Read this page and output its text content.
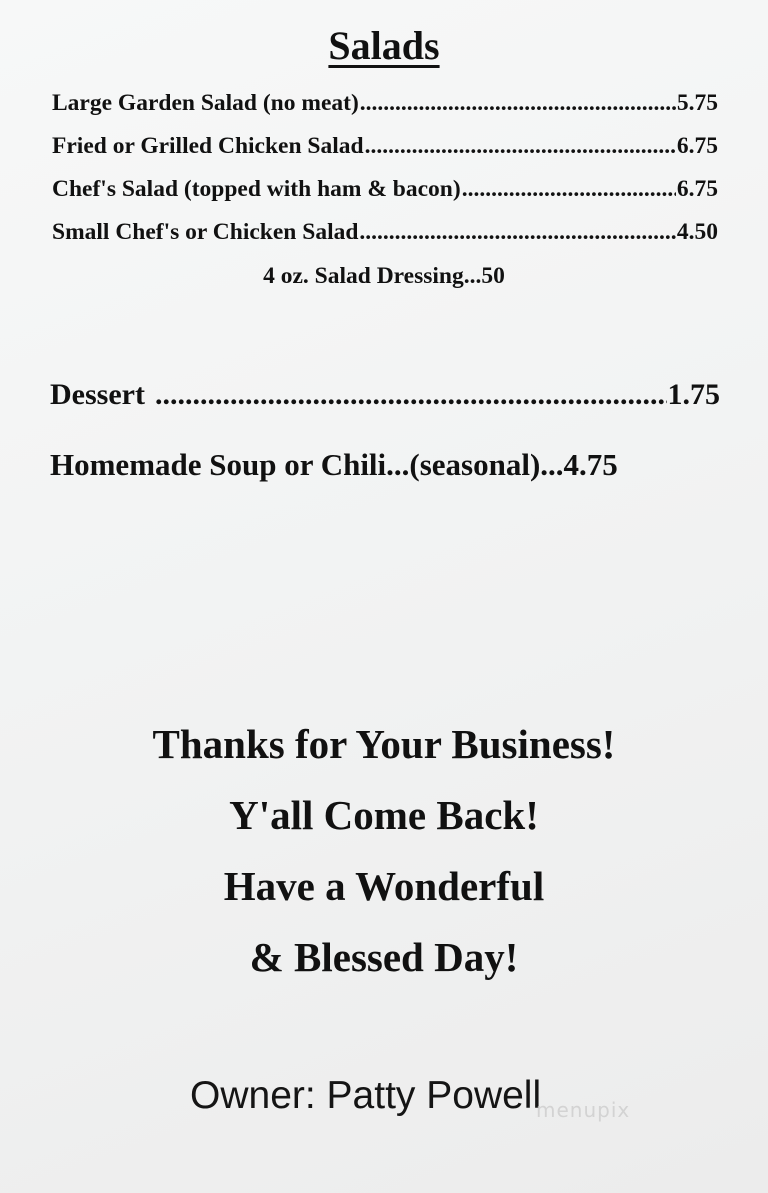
Salads
Large Garden Salad (no meat) .....	5.75
Fried or Grilled Chicken Salad .....	6.75
Chef's Salad (topped with ham & bacon) .....	6.75
Small Chef's or Chicken Salad .....	4.50
4 oz. Salad Dressing...50
Dessert .....	1.75
Homemade Soup or Chili...(seasonal)...4.75
Thanks for Your Business!
Y'all Come Back!
Have a Wonderful
& Blessed Day!
Owner: Patty Powell
menupix
